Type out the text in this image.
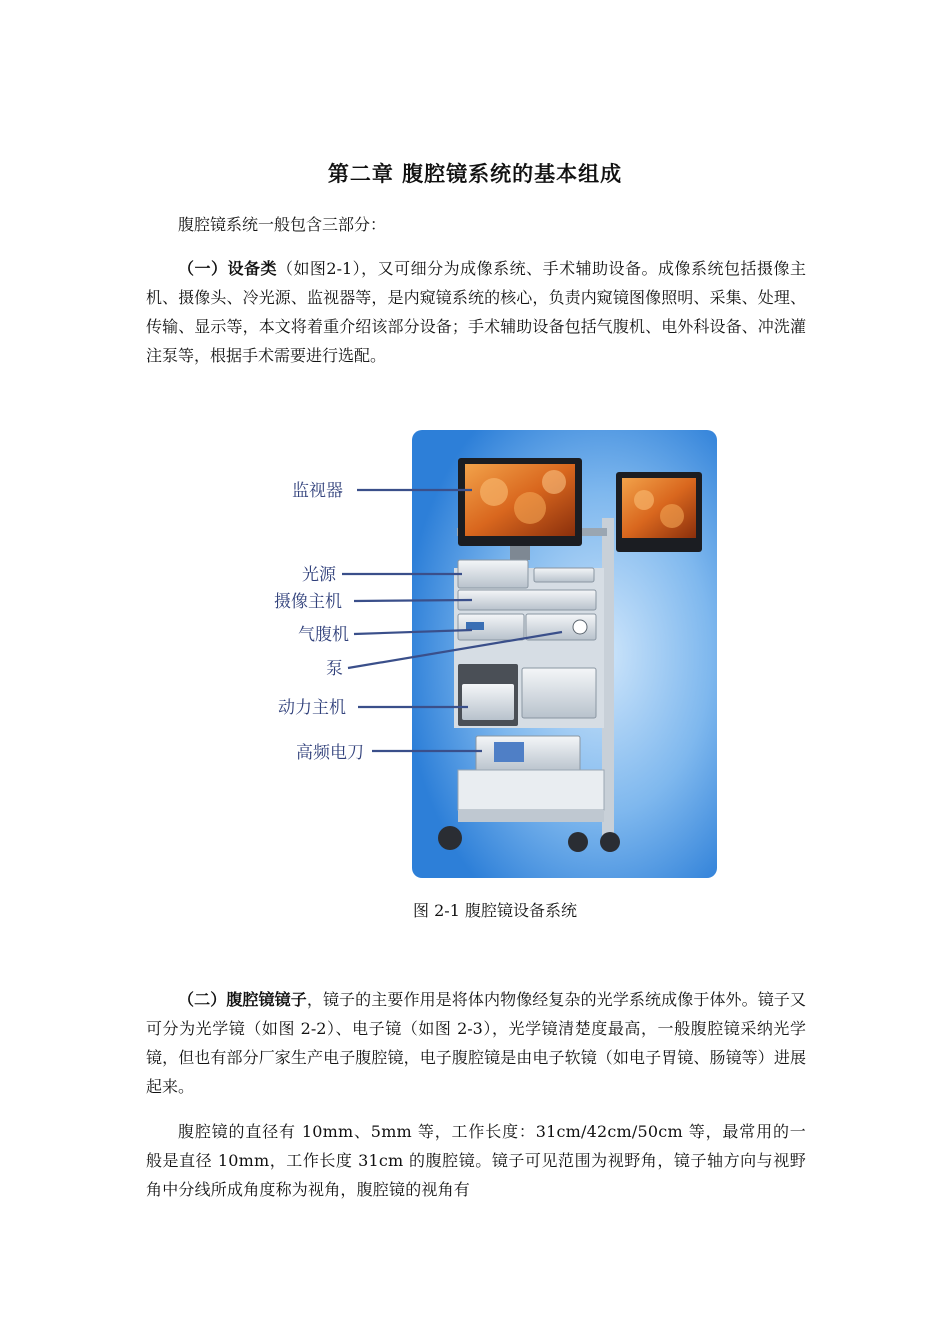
第二章 腹腔镜系统的基本组成
腹腔镜系统一般包含三部分：
（一）设备类（如图2-1），又可细分为成像系统、手术辅助设备。成像系统包括摄像主机、摄像头、冷光源、监视器等，是内窥镜系统的核心，负责内窥镜图像照明、采集、处理、传输、显示等，本文将着重介绍该部分设备；手术辅助设备包括气腹机、电外科设备、冲洗灌注泵等，根据手术需要进行选配。
监视器
光源
摄像主机
气腹机
泵
动力主机
高频电刀
图 2-1 腹腔镜设备系统
（二）腹腔镜镜子，镜子的主要作用是将体内物像经复杂的光学系统成像于体外。镜子又可分为光学镜（如图 2-2）、电子镜（如图 2-3），光学镜清楚度最高，一般腹腔镜采纳光学镜，但也有部分厂家生产电子腹腔镜，电子腹腔镜是由电子软镜（如电子胃镜、肠镜等）进展起来。
腹腔镜的直径有 10mm、5mm 等，工作长度：31cm/42cm/50cm 等，最常用的一般是直径 10mm，工作长度 31cm 的腹腔镜。镜子可见范围为视野角，镜子轴方向与视野角中分线所成角度称为视角，腹腔镜的视角有
